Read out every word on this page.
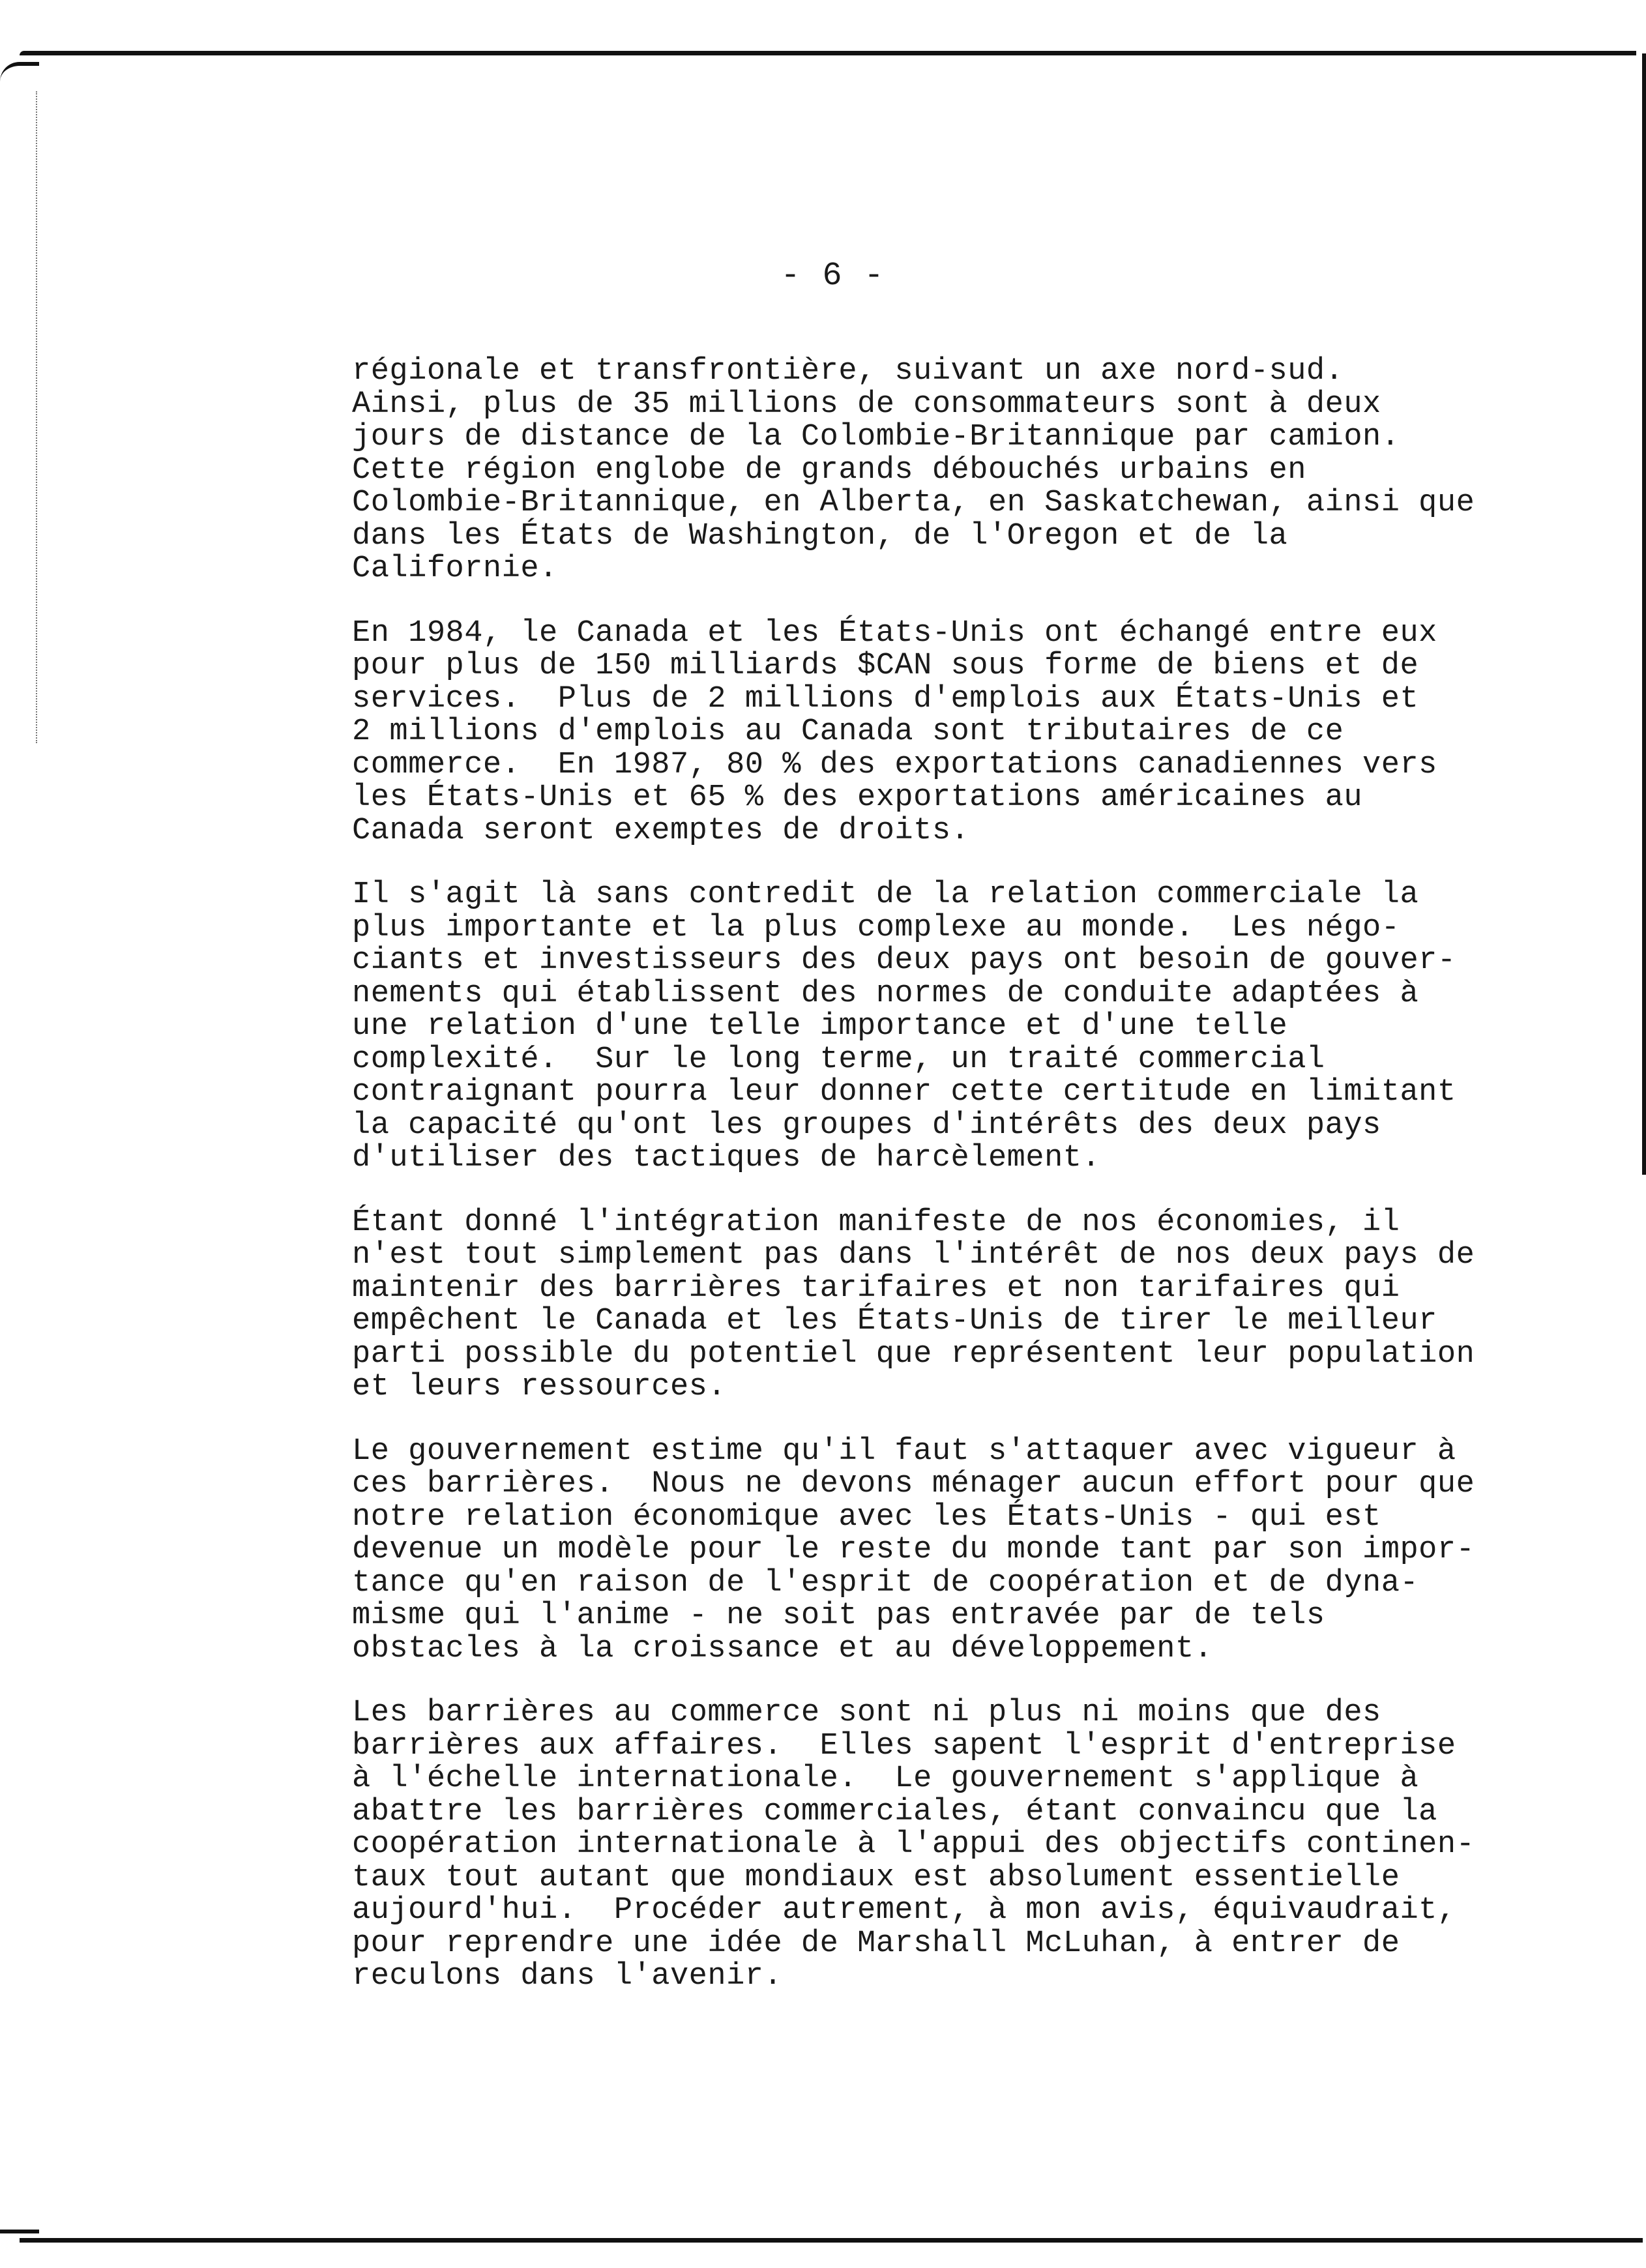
- 6 -
régionale et transfrontière, suivant un axe nord-sud.
Ainsi, plus de 35 millions de consommateurs sont à deux
jours de distance de la Colombie-Britannique par camion.
Cette région englobe de grands débouchés urbains en
Colombie-Britannique, en Alberta, en Saskatchewan, ainsi que
dans les États de Washington, de l'Oregon et de la
Californie.
En 1984, le Canada et les États-Unis ont échangé entre eux
pour plus de 150 milliards $CAN sous forme de biens et de
services.  Plus de 2 millions d'emplois aux États-Unis et
2 millions d'emplois au Canada sont tributaires de ce
commerce.  En 1987, 80 % des exportations canadiennes vers
les États-Unis et 65 % des exportations américaines au
Canada seront exemptes de droits.
Il s'agit là sans contredit de la relation commerciale la
plus importante et la plus complexe au monde.  Les négo-
ciants et investisseurs des deux pays ont besoin de gouver-
nements qui établissent des normes de conduite adaptées à
une relation d'une telle importance et d'une telle
complexité.  Sur le long terme, un traité commercial
contraignant pourra leur donner cette certitude en limitant
la capacité qu'ont les groupes d'intérêts des deux pays
d'utiliser des tactiques de harcèlement.
Étant donné l'intégration manifeste de nos économies, il
n'est tout simplement pas dans l'intérêt de nos deux pays de
maintenir des barrières tarifaires et non tarifaires qui
empêchent le Canada et les États-Unis de tirer le meilleur
parti possible du potentiel que représentent leur population
et leurs ressources.
Le gouvernement estime qu'il faut s'attaquer avec vigueur à
ces barrières.  Nous ne devons ménager aucun effort pour que
notre relation économique avec les États-Unis - qui est
devenue un modèle pour le reste du monde tant par son impor-
tance qu'en raison de l'esprit de coopération et de dyna-
misme qui l'anime - ne soit pas entravée par de tels
obstacles à la croissance et au développement.
Les barrières au commerce sont ni plus ni moins que des
barrières aux affaires.  Elles sapent l'esprit d'entreprise
à l'échelle internationale.  Le gouvernement s'applique à
abattre les barrières commerciales, étant convaincu que la
coopération internationale à l'appui des objectifs continen-
taux tout autant que mondiaux est absolument essentielle
aujourd'hui.  Procéder autrement, à mon avis, équivaudrait,
pour reprendre une idée de Marshall McLuhan, à entrer de
reculons dans l'avenir.
